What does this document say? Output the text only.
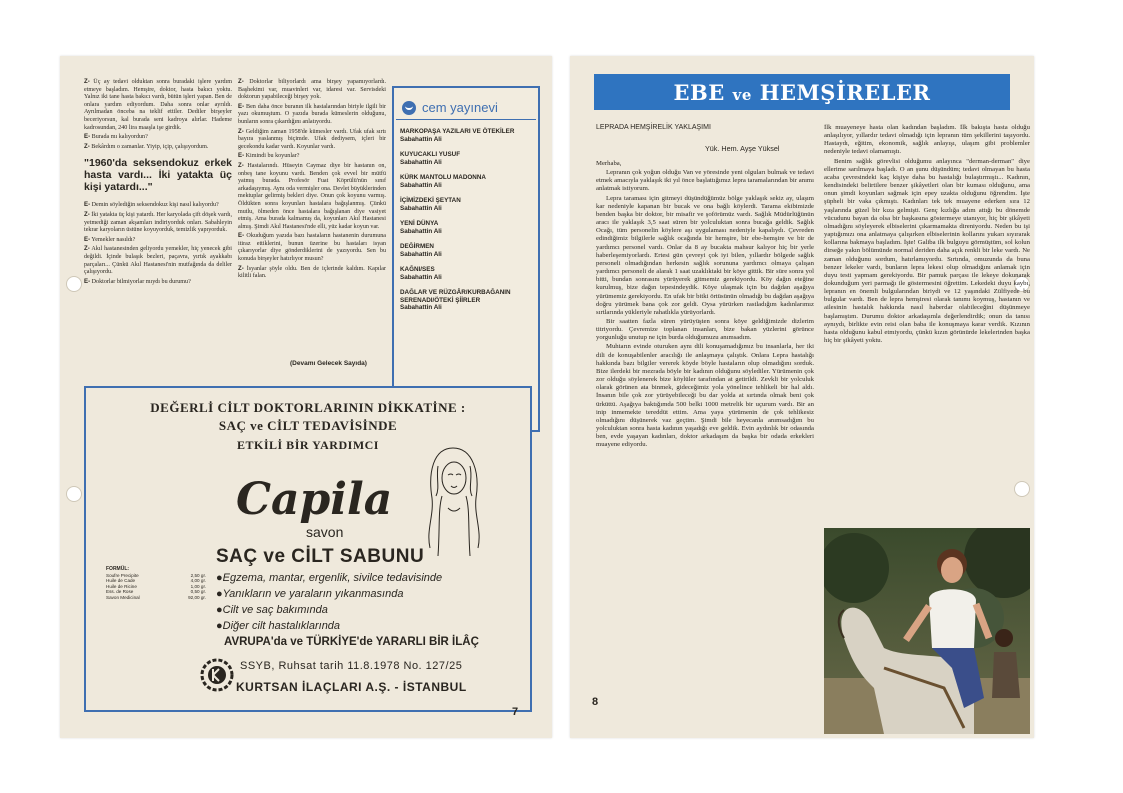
Z- Üç ay tedavi olduktan sonra buradaki işlere yardım etmeye başladım. Hemşire, doktor, hasta bakıcı yoktu. Yalnız iki tane hasta bakıcı vardı, bütün işleri yapan. Ben de onlara yardım ediyordum. Daha sonra onlar ayrıldı. Ayrılmadan önceba na teklif ettiler. Dediler birşeyler beceriyorsun, kal burada seni kadroya alırlar. Hademe kadrosundan, 240 lira maaşla işe girdik.

E- Burada mı kalıyordun?

Z- Bekârdım o zamanlar. Yiyip, içip, çalışıyordum.

"1960'da seksendokuz erkek hasta vardı... İki yatakta üç kişi yatardı..."

E- Demin söylediğin seksendokuz kişi nasıl kalıyordu?

Z- İki yatakta üç kişi yatardı. Her karyolada çift döşek vardı, yetmediği zaman akşamları indiriyorduk onları. Sabahleyin tekrar karyoların üstüne koyuyorduk, temizlik yapıyorduk.

E- Yemekler nasıldı?

Z- Akıl hastanesinden geliyordu yemekler, hiç yenecek gibi değildi. İçinde bulaşık bezleri, paçavra, yırtık ayakkabı parçaları... Çünkü Akıl Hastanesi'nin mutfağında da deliler çalışıyordu.

E- Doktorlar bilmiyorlar mıydı bu durumu?

Z- Doktorlar biliyorlardı ama birşey yapamıyorlardı. Başhekimi var, muavinleri var, idaresi var. Servisdeki doktorun yapabileceği birşey yok.

E- Ben daha önce buranın ilk hastalarından biriyle ilgili bir yazı okumuştum. O yazıda burada kümeslerin olduğunu, bunların sonra çıkardığını anlatıyordu.

Z- Geldiğim zaman 1958'de kümesler vardı. Ufak ufak sırtı bayıra yaslanmış biçimde. Ufak dediysem, içleri bir gecekondu kadar vardı. Koyunlar vardı.

E- Kimindi bu koyunlar?

Z- Hastalarındı. Hüseyin Caymaz diye bir hastanın on, onbeş tane koyunu vardı. Benden çok evvel bir mütfü yatmış burada. Profesör Fuat Köprülü'nün sınıf arkadaşıymış. Aynı oda vermişler ona. Devlet büyüklerinden mektuplar gelirmiş bekleri diye. Onun çok koyunu varmış. Öldükten sonra koyunları hastalara bağışlanmış. Çünkü mutlu, ölmeden önce hastalara bağışlanan diye vasiyet etmiş. Ama burada kalmamış da, koyunları Akıl Hastanesi almış. Şimdi Akıl Hastanesi'nde elli, yüz kadar koyun var.

E- Okuduğum yazıda bazı hastaların hastanenin durumuna itiraz ettiklerini, bunun üzerine bu hastaları isyan çıkarıyorlar diye gönderdiklerini de yazıyordu. Sen bu konuda birşeyler hatırlıyor musun?

Z- İsyanlar şöyle oldu. Ben de içlerinde kaldım. Kapılar kilitli falan.

(Devamı Gelecek Sayıda)
cem yayınevi
MARKOPAŞA YAZILARI VE ÖTEKİLER
Sabahattin Ali
KUYUCAKLI YUSUF
Sabahattin Ali
KÜRK MANTOLU MADONNA
Sabahattin Ali
İÇİMİZDEKİ ŞEYTAN
Sabahattin Ali
YENİ DÜNYA
Sabahattin Ali
DEĞİRMEN
Sabahattin Ali
KAĞNI/SES
Sabahattin Ali
DAĞLAR VE RÜZGÂR/KURBAĞANIN SERENADI/ÖTEKİ ŞİİRLER
Sabahattin Ali
DEĞERLİ CİLT DOKTORLARININ DİKKATİNE :
SAÇ ve CİLT TEDAVİSİNDE
ETKİLİ BİR YARDIMCI
Capila
savon
SAÇ ve CİLT SABUNU
FORMÜL:
Soufre Precipite	2,50 gr.
Huile de Cade	4,00 gr.
Huile de Ricine	1,00 gr.
Ess. de Rose	0,50 gr.
Savon Medicinal	92,00 gr.
● Egzema, mantar, ergenlik, sivilce tedavisinde
● Yanıkların ve yaraların yıkanmasında
● Cilt ve saç bakımında
● Diğer cilt hastalıklarında
AVRUPA'da ve TÜRKİYE'de YARARLI BİR İLÂÇ
SSYB, Ruhsat tarih 11.8.1978 No. 127/25
KURTSAN İLAÇLARI A.Ş. - İSTANBUL
7
EBE ve HEMŞİRELER
LEPRADA HEMŞİRELİK YAKLAŞIMI
Yük. Hem. Ayşe Yüksel

Merhaba,

Lepranın çok yoğun olduğu Van ve yöresinde yeni olguları bulmak ve tedavi etmek amacıyla yaklaşık iki yıl önce başlattığımız lepra taramalarından bir anımı anlatmak istiyorum.

Lepra taraması için gitmeyi düşündüğümüz bölge yaklaşık sekiz ay, ulaşım kar nedeniyle kapanan bir bucak ve ona bağlı köylerdi. Tarama ekibimizde benden başka bir doktor, bir misafir ve şoförümüz vardı. Sağlık Müdürlüğünün aracı ile yaklaşık 3,5 saat süren bir yolculuktan sonra bucağa geldik. Sağlık Ocağı, tüm personelin köylere aşı uygulaması nedeniyle kapalıydı. Çevreden edindiğimiz bilgilerle sağlık ocağında bir hemşire, bir ebe-hemşire ve bir de yardımcı personel vardı. Onlar da 8 ay bucakta mahsur kalıyor hiç bir yerle haberleşemiyorlardı. Ertesi gün çevreyi çok iyi bilen, yıllardır bölgede sağlık personeli olmadığından herkesin sağlık sorununa yardımcı olmaya çalışan yardımcı personeli de alarak 1 saat uzaklıktaki bir köye gittik. Bir süre sonra yol bitti, bundan sonrasını yürüyerek gitmemiz gerekiyordu. Köy dağın eteğine kurulmuş, bize dağın tepesindeydik. Köye ulaşmak için bu dağdan aşağıya yürümemiz gerekiyordu. En ufak bir bitki örtüsünün olmadığı bu dağdan aşağıya doğru yürümek bana çok zor geldi. Oysa yürürken rastladığım kadınlarımız sırtlarında yükleriyle rahatlıkla yürüyorlardı.

Bir saatten fazla süren yürüyüşten sonra köye geldiğimizde dizlerim titriyordu. Çevremize toplanan insanları, bize bakan yüzlerini görünce yorgunluğu unutup ne için burda olduğumuzu anımsadım.

Muhtarın evinde oturuken aynı dili konuşamadığımız bu insanlarla, her iki dili de konuşabilenler aracılığı ile anlaşmaya çalıştık. Onlara Lepra hastalığı hakkında bazı bilgiler vererek köyde böyle hastaların olup olmadığını sorduk. Bize ilerdeki bir mezrada böyle bir kadının olduğunu söylediler. Yürümenin çok zor olduğu söylenerek bize köylüler tarafından at getirildi. Zevkli bir yolculuk olarak görünen ata binmek, gideceğimiz yola yönelince tehlikeli bir hal aldı. İnsanın bile çok zor yürüyebileceği bu dar yolda at sırtında olmak beni çok ürküttü. Aşağıya baktığımda 500 belki 1000 metrelik bir uçurum vardı. Bir an inip inmemekte tereddüt ettim. Ama yaya yürümenin de çok tehlikesiz olmadığını düşünerek vaz geçtim. Şimdi bile heyecanla anımsadığım bu yolculuktan sonra hasta kadının yaşadığı eve geldik. Evin aydınlık bir odasında ben, evde yaşayan kadınları, doktor arkadaşım da başka bir odada erkekleri muayene ediyordu.

İlk muayeneye hasta olan kadından başladım. İlk bakışta hasta olduğu anlaşılıyor, yıllardır tedavi olmadığı için lepranın tüm şekillerini taşıyordu. Hastaydı, eğitim, ekonomik, sağlık anlayışı, ulaşım gibi problemler nedeniyle tedavi olamamıştı.

Benim sağlık görevlisi olduğumu anlayınca "derman-derman" diye ellerime sarılmaya başladı. O an şunu düşündüm; tedavi olmayan bu hasta acaba çevresindeki kaç kişiye daha bu hastalığı bulaştırmıştı... Kadının, kendisindeki belirtilere benzer şikâyetleri olan bir kuması olduğunu, ama onun şimdi koyunları sağmak için epey uzakta olduğunu öğrendim. İşte şüpheli bir vaka çıkmıştı. Kadınları tek tek muayene ederken sıra 12 yaşlarında güzel bir kıza gelmişti. Genç kızlığa adım attığı bu dönemde vücudunu bayan da olsa bir başkasına göstermeye utanıyor, hiç bir şikâyeti olmadığını söyleyerek elbiselerini çıkarmamakta direniyordu. Neden bu işi yaptığımızı ona anlatmaya çalışırken elbiselerinin kollarını yukarı sıyırarak kollarına bakmaya başladım. İşte! Galiba ilk bulguyu görmüştüm, sol kolun dirseğe yakın bölümünde normal deriden daha açık renkli bir leke vardı. Ne zaman olduğunu sordum, hatırlamıyordu. Sırtında, omuzunda da buna benzer lekeler vardı, bunların lepra lekesi olup olmadığını anlamak için duyu testi yapmam gerekiyordu. Bir pamuk parçası ile lekeye dokunarak dokunduğum yeri parmağı ile göstermesini öğrettim. Lekedeki duyu kaybı, lepranın en önemli bulgularından biriydi ve 12 yaşındaki Zülfiyede bu bulgular vardı. Ben de lepra hemşiresi olarak tanımı koymuş, hastanın ve ailesinin hastalık hakkında nasıl haberdar olabileceğini düşünmeye başlamıştım. Durumu doktor arkadaşımla değerlendirdik; onun da tanısı aynıydı, birlikte evin reisi olan baba ile konuşmaya karar verdik. Kızının hasta olduğunu kabul etmiyordu, çünkü kızın görünürde lekelerinden başka hiç bir şikâyeti yoktu.

8
